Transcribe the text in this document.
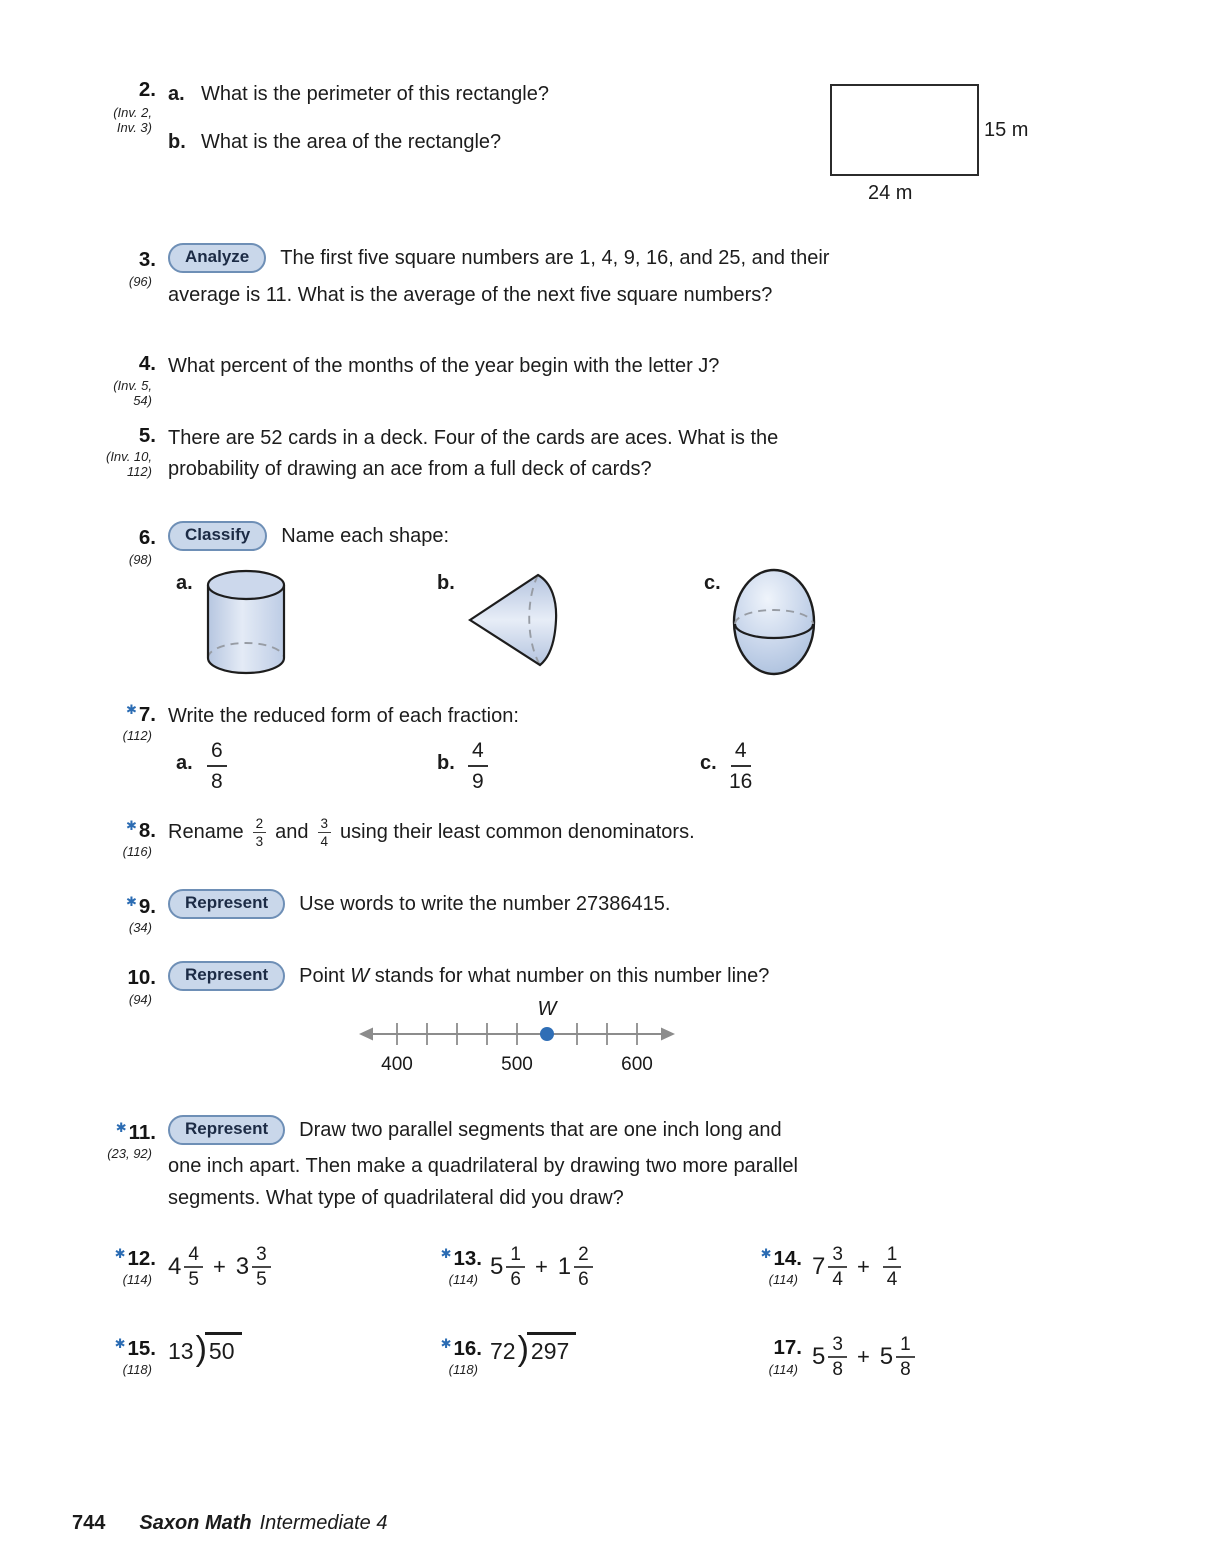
2.
(Inv. 2,
Inv. 3)
a. What is the perimeter of this rectangle?
b. What is the area of the rectangle?
15 m
24 m
3.
(96)
Analyze	The first five square numbers are 1, 4, 9, 16, and 25, and their
average is 11. What is the average of the next five square numbers?
4.
(Inv. 5,
54)
What percent of the months of the year begin with the letter J?
5.
(Inv. 10,
112)
There are 52 cards in a deck. Four of the cards are aces. What is the
probability of drawing an ace from a full deck of cards?
6.
(98)
Classify	Name each shape:
a.	b.	c.
✱7.
(112)
Write the reduced form of each fraction:
a. $\frac{6}{8}$	b. $\frac{4}{9}$	c. $\frac{4}{16}$
✱8.
(116)
Rename $\frac{2}{3}$ and $\frac{3}{4}$ using their least common denominators.
✱9.
(34)
Represent	Use words to write the number 27386415.
10.
(94)
Represent	Point W stands for what number on this number line?
W
400	500	600
✱11.
(23, 92)
Represent	Draw two parallel segments that are one inch long and
one inch apart. Then make a quadrilateral by drawing two more parallel
segments. What type of quadrilateral did you draw?
✱12.
(114) $4 \frac{4}{5} + 3 \frac{3}{5}$	✱13.
(114) $5 \frac{1}{6} + 1 \frac{2}{6}$	✱14.
(114) $7 \frac{3}{4} + \frac{1}{4}$
✱15.
(118)
13 ) 50	✱16.
(118)
72 ) 297	17.
(114) $5 \frac{3}{8} + 5 \frac{1}{8}$
744 Saxon Math Intermediate 4
